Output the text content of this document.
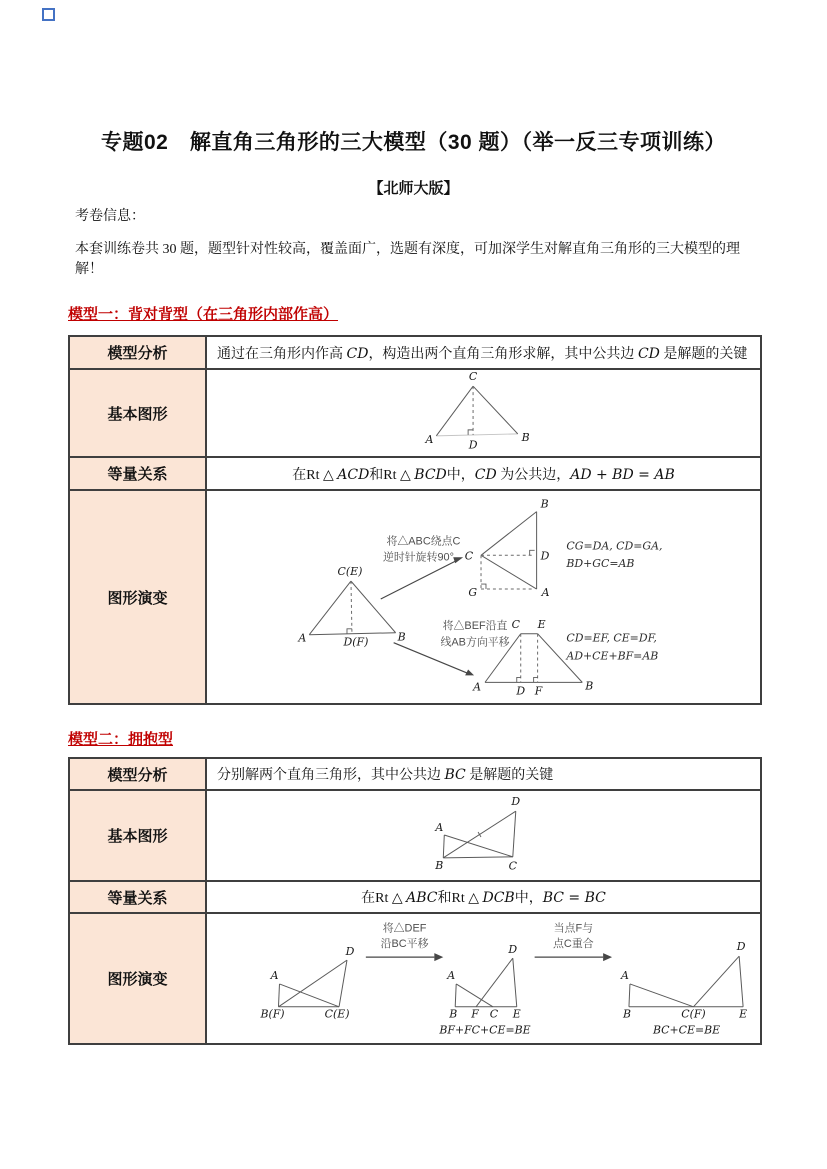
专题02　解直角三角形的三大模型（30 题）（举一反三专项训练）
【北师大版】
考卷信息：
本套训练卷共 30 题，题型针对性较高，覆盖面广，选题有深度，可加深学生对解直角三角形的三大模型的理解！
模型一：背对背型（在三角形内部作高）
模型分析	通过在三角形内作高 CD，构造出两个直角三角形求解，其中公共边 CD 是解题的关键

基本图形
C
A	B
D
等量关系	在Rt △ ACD和Rt △ BCD中，CD 为公共边，AD + BD = AB

图形演变
C(E)
A	B
D(F)
将△ABC绕点C
逆时针旋转90°
B
C	D
G	A
CG=DA, CD=GA,
BD+GC=AB
将△BEF沿直
线AB方向平移
C E
A	D F	B
CD=EF, CE=DF,
AD+CE+BF=AB
模型二：拥抱型
模型分析	分别解两个直角三角形，其中公共边 BC 是解题的关键

基本图形
A
B	C
D
等量关系	在Rt △ ABC和Rt △ DCB中，BC = BC

图形演变	A
D
B(F)	C(E)
将△DEF
沿BC平移
A
D
B F C E
BF+FC+CE=BE
当点F与
点C重合
A
D
B	C(F)	E
BC+CE=BE
